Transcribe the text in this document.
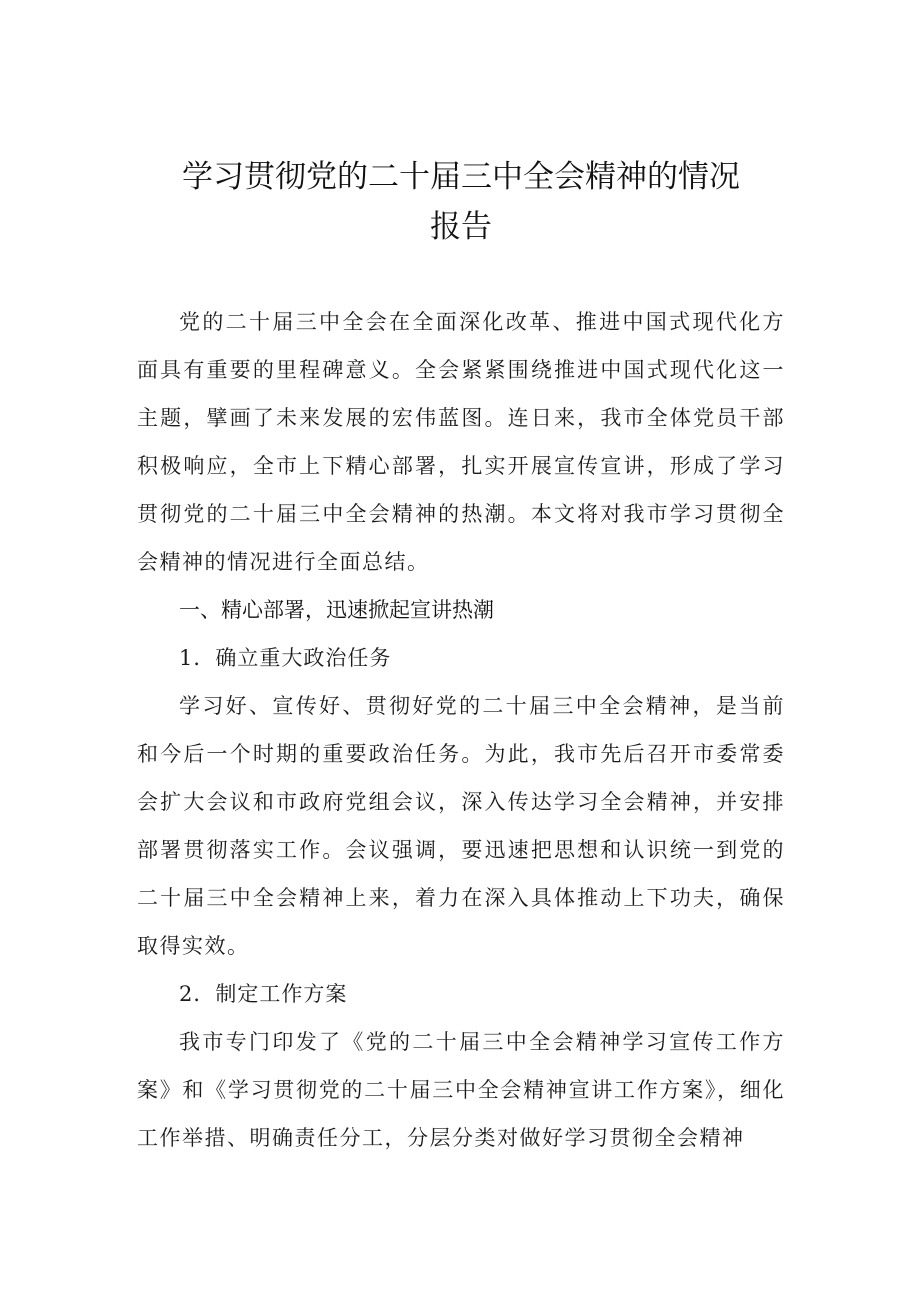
学习贯彻党的二十届三中全会精神的情况
报告

党的二十届三中全会在全面深化改革、推进中国式现代化方面具有重要的里程碑意义。全会紧紧围绕推进中国式现代化这一主题，擘画了未来发展的宏伟蓝图。连日来，我市全体党员干部积极响应，全市上下精心部署，扎实开展宣传宣讲，形成了学习贯彻党的二十届三中全会精神的热潮。本文将对我市学习贯彻全会精神的情况进行全面总结。

一、精心部署，迅速掀起宣讲热潮

1．确立重大政治任务

学习好、宣传好、贯彻好党的二十届三中全会精神，是当前和今后一个时期的重要政治任务。为此，我市先后召开市委常委会扩大会议和市政府党组会议，深入传达学习全会精神，并安排部署贯彻落实工作。会议强调，要迅速把思想和认识统一到党的二十届三中全会精神上来，着力在深入具体推动上下功夫，确保取得实效。

2．制定工作方案

我市专门印发了《党的二十届三中全会精神学习宣传工作方案》和《学习贯彻党的二十届三中全会精神宣讲工作方案》，细化工作举措、明确责任分工，分层分类对做好学习贯彻全会精神
